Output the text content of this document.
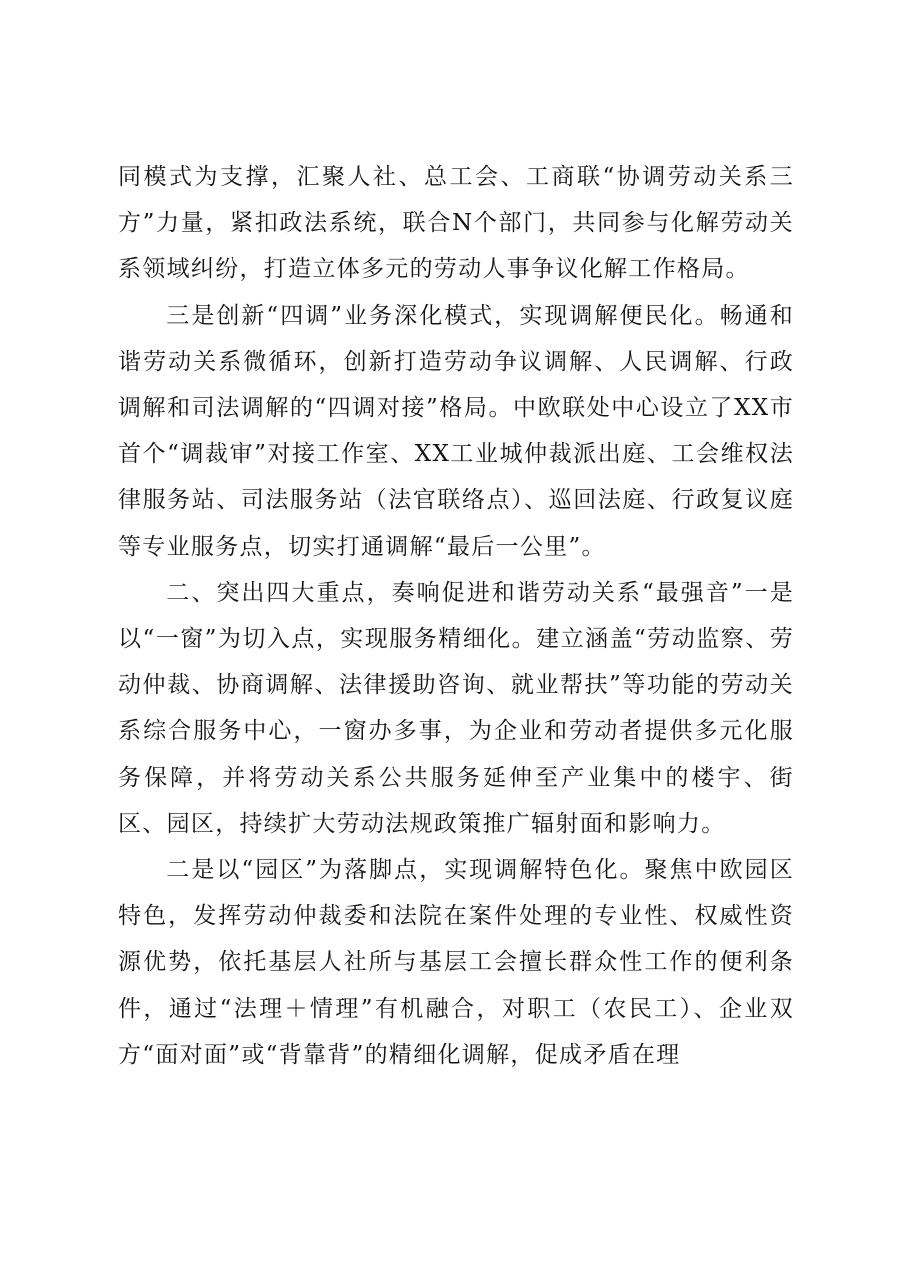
同模式为支撑，汇聚人社、总工会、工商联“协调劳动关系三方”力量，紧扣政法系统，联合N个部门，共同参与化解劳动关系领域纠纷，打造立体多元的劳动人事争议化解工作格局。

三是创新“四调”业务深化模式，实现调解便民化。畅通和谐劳动关系微循环，创新打造劳动争议调解、人民调解、行政调解和司法调解的“四调对接”格局。中欧联处中心设立了XX市首个“调裁审”对接工作室、XX工业城仲裁派出庭、工会维权法律服务站、司法服务站（法官联络点）、巡回法庭、行政复议庭等专业服务点，切实打通调解“最后一公里”。

二、突出四大重点，奏响促进和谐劳动关系“最强音”一是以“一窗”为切入点，实现服务精细化。建立涵盖“劳动监察、劳动仲裁、协商调解、法律援助咨询、就业帮扶”等功能的劳动关系综合服务中心，一窗办多事，为企业和劳动者提供多元化服务保障，并将劳动关系公共服务延伸至产业集中的楼宇、街区、园区，持续扩大劳动法规政策推广辐射面和影响力。

二是以“园区”为落脚点，实现调解特色化。聚焦中欧园区特色，发挥劳动仲裁委和法院在案件处理的专业性、权威性资源优势，依托基层人社所与基层工会擅长群众性工作的便利条件，通过“法理＋情理”有机融合，对职工（农民工）、企业双方“面对面”或“背靠背”的精细化调解，促成矛盾在理
